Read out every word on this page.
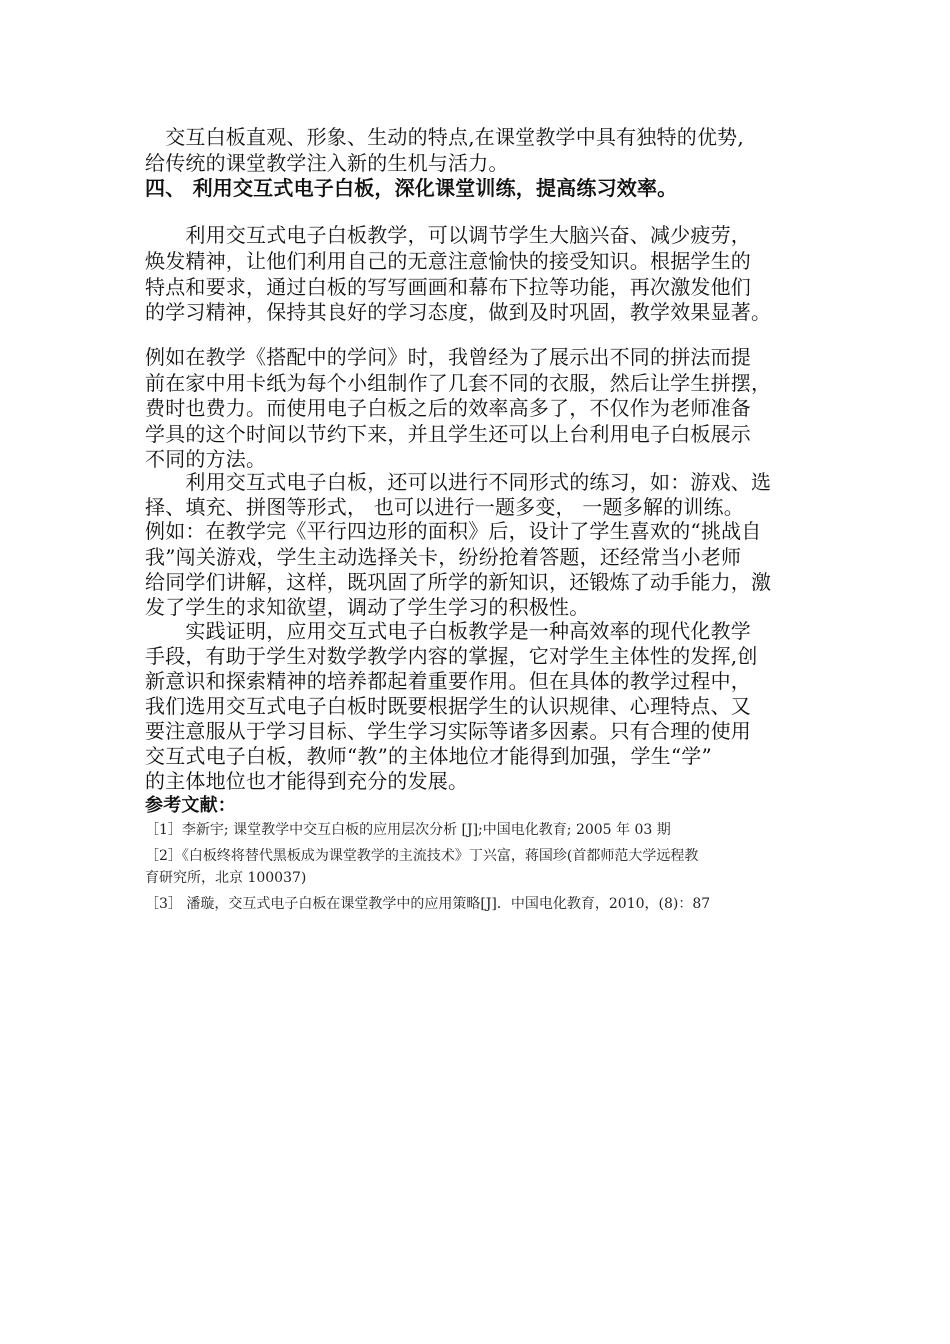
　交互白板直观、形象、生动的特点,在课堂教学中具有独特的优势,
给传统的课堂教学注入新的生机与活力。
四、 利用交互式电子白板，深化课堂训练，提高练习效率。
　　利用交互式电子白板教学，可以调节学生大脑兴奋、减少疲劳，
焕发精神，让他们利用自己的无意注意愉快的接受知识。根据学生的
特点和要求，通过白板的写写画画和幕布下拉等功能，再次激发他们
的学习精神，保持其良好的学习态度，做到及时巩固，教学效果显著。
例如在教学《搭配中的学问》时，我曾经为了展示出不同的拼法而提
前在家中用卡纸为每个小组制作了几套不同的衣服，然后让学生拼摆，
费时也费力。而使用电子白板之后的效率高多了，不仅作为老师准备
学具的这个时间以节约下来，并且学生还可以上台利用电子白板展示
不同的方法。
　　利用交互式电子白板，还可以进行不同形式的练习，如：游戏、选
择、填充、拼图等形式， 也可以进行一题多变， 一题多解的训练。
例如：在教学完《平行四边形的面积》后，设计了学生喜欢的“挑战自
我”闯关游戏，学生主动选择关卡，纷纷抢着答题，还经常当小老师
给同学们讲解，这样，既巩固了所学的新知识，还锻炼了动手能力，激
发了学生的求知欲望，调动了学生学习的积极性。
　　实践证明，应用交互式电子白板教学是一种高效率的现代化教学
手段，有助于学生对数学教学内容的掌握，它对学生主体性的发挥,创
新意识和探索精神的培养都起着重要作用。但在具体的教学过程中，
我们选用交互式电子白板时既要根据学生的认识规律、心理特点、又
要注意服从于学习目标、学生学习实际等诸多因素。只有合理的使用
交互式电子白板，教师“教”的主体地位才能得到加强，学生“学”
的主体地位也才能得到充分的发展。
参考文献：
［1］李新宇; 课堂教学中交互白板的应用层次分析 [J];中国电化教育; 2005 年 03 期
［2］《白板终将替代黑板成为课堂教学的主流技术》丁兴富，蒋国珍(首都师范大学远程教
育研究所，北京 100037)
［3］ 潘璇，交互式电子白板在课堂教学中的应用策略[J]．中国电化教育，2010，(8)：87
